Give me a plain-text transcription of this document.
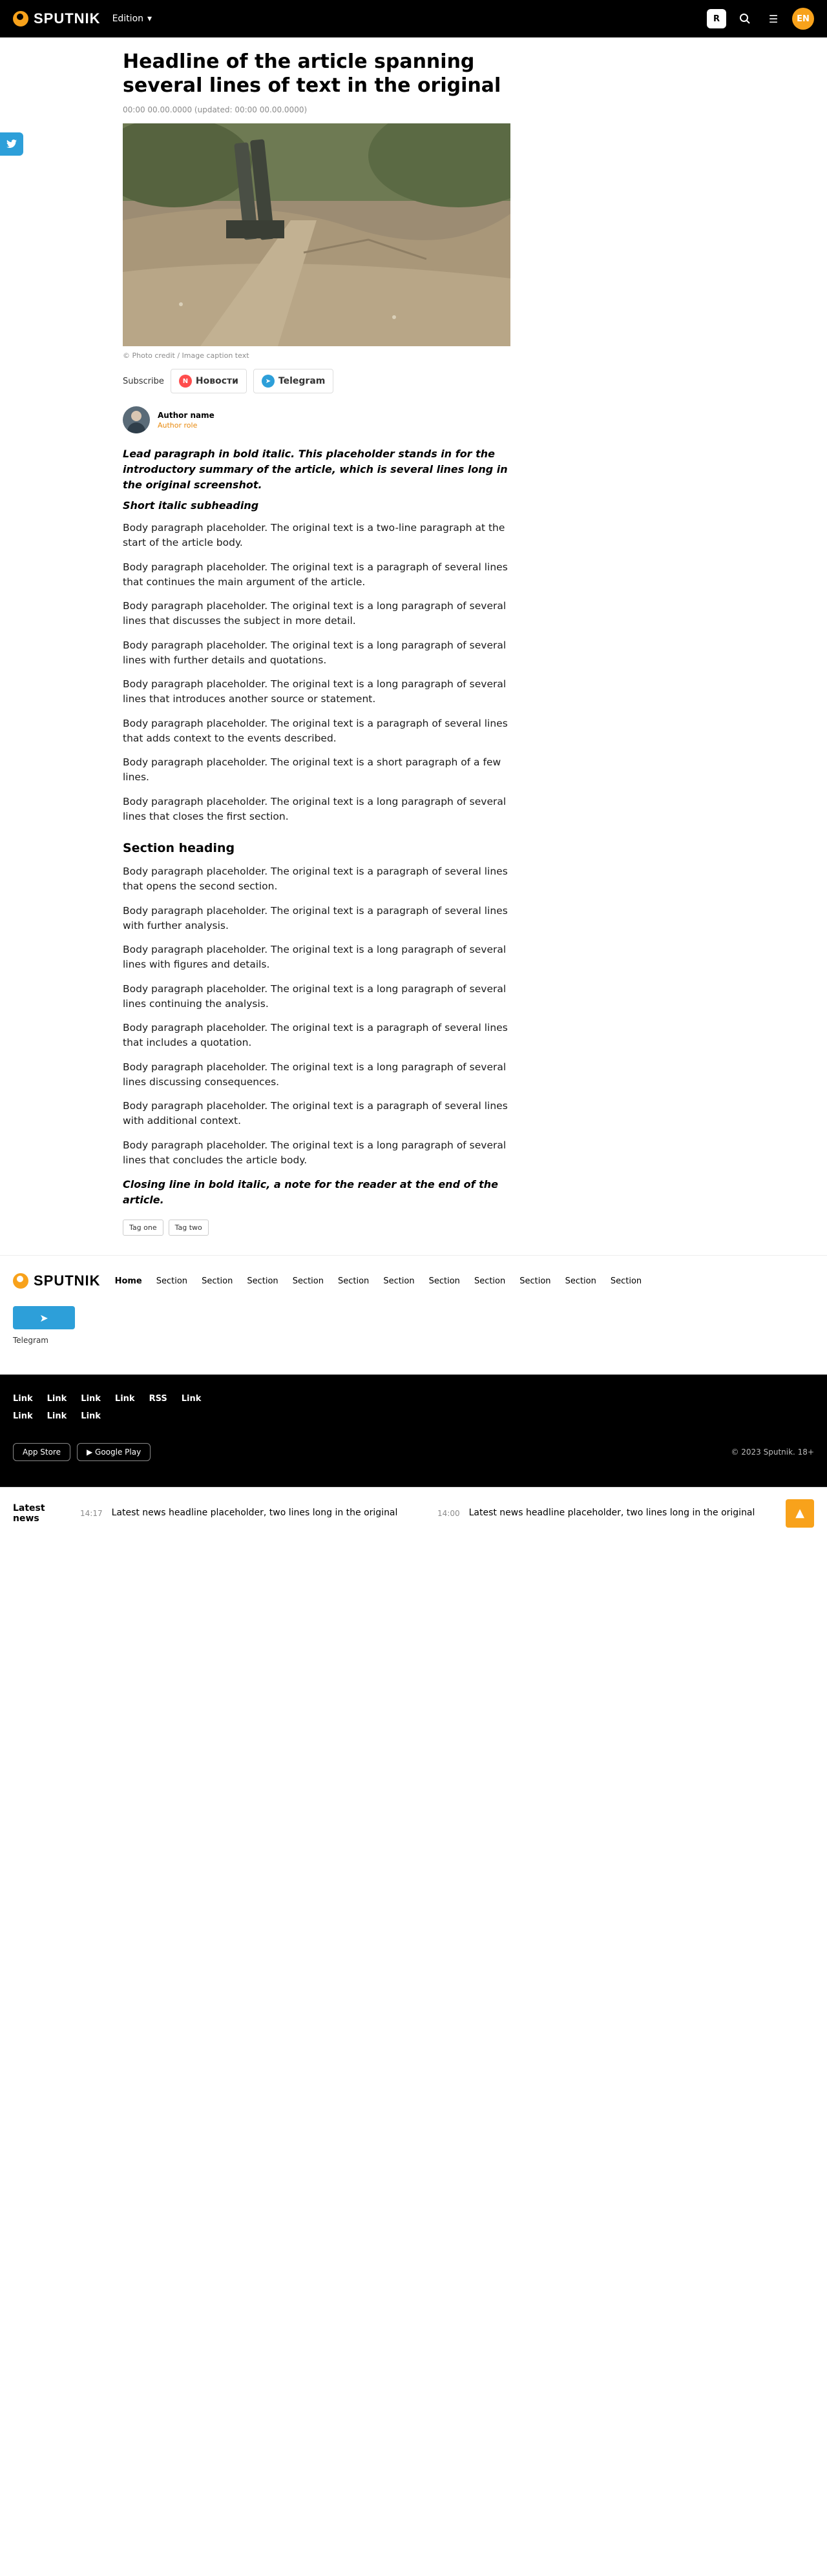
SPUTNIK Edition ▾	R	☰	EN
Headline of the article spanning several lines of text in the original
00:00 00.00.0000 (updated: 00:00 00.00.0000)
© Photo credit / Image caption text
Subscribe	N Новости	➤ Telegram
Author name
Author role

Lead paragraph in bold italic. This placeholder stands in for the introductory summary of the article, which is several lines long in the original screenshot.

Short italic subheading

Body paragraph placeholder. The original text is a two-line paragraph at the start of the article body.

Body paragraph placeholder. The original text is a paragraph of several lines that continues the main argument of the article.

Body paragraph placeholder. The original text is a long paragraph of several lines that discusses the subject in more detail.

Body paragraph placeholder. The original text is a long paragraph of several lines with further details and quotations.

Body paragraph placeholder. The original text is a long paragraph of several lines that introduces another source or statement.

Body paragraph placeholder. The original text is a paragraph of several lines that adds context to the events described.

Body paragraph placeholder. The original text is a short paragraph of a few lines.

Body paragraph placeholder. The original text is a long paragraph of several lines that closes the first section.

Section heading

Body paragraph placeholder. The original text is a paragraph of several lines that opens the second section.

Body paragraph placeholder. The original text is a paragraph of several lines with further analysis.

Body paragraph placeholder. The original text is a long paragraph of several lines with figures and details.

Body paragraph placeholder. The original text is a long paragraph of several lines continuing the analysis.

Body paragraph placeholder. The original text is a paragraph of several lines that includes a quotation.

Body paragraph placeholder. The original text is a long paragraph of several lines discussing consequences.

Body paragraph placeholder. The original text is a paragraph of several lines with additional context.

Body paragraph placeholder. The original text is a long paragraph of several lines that concludes the article body.

Closing line in bold italic, a note for the reader at the end of the article.

Tag one	Tag two
SPUTNIK Home Section Section Section Section Section Section Section Section Section Section Section
➤
Telegram
Link Link Link Link RSS Link
Link Link Link
App Store	▶ Google Play	© 2023 Sputnik. 18+
Latest news	14:17 Latest news headline placeholder, two lines long in the original	14:00 Latest news headline placeholder, two lines long in the original	▲
